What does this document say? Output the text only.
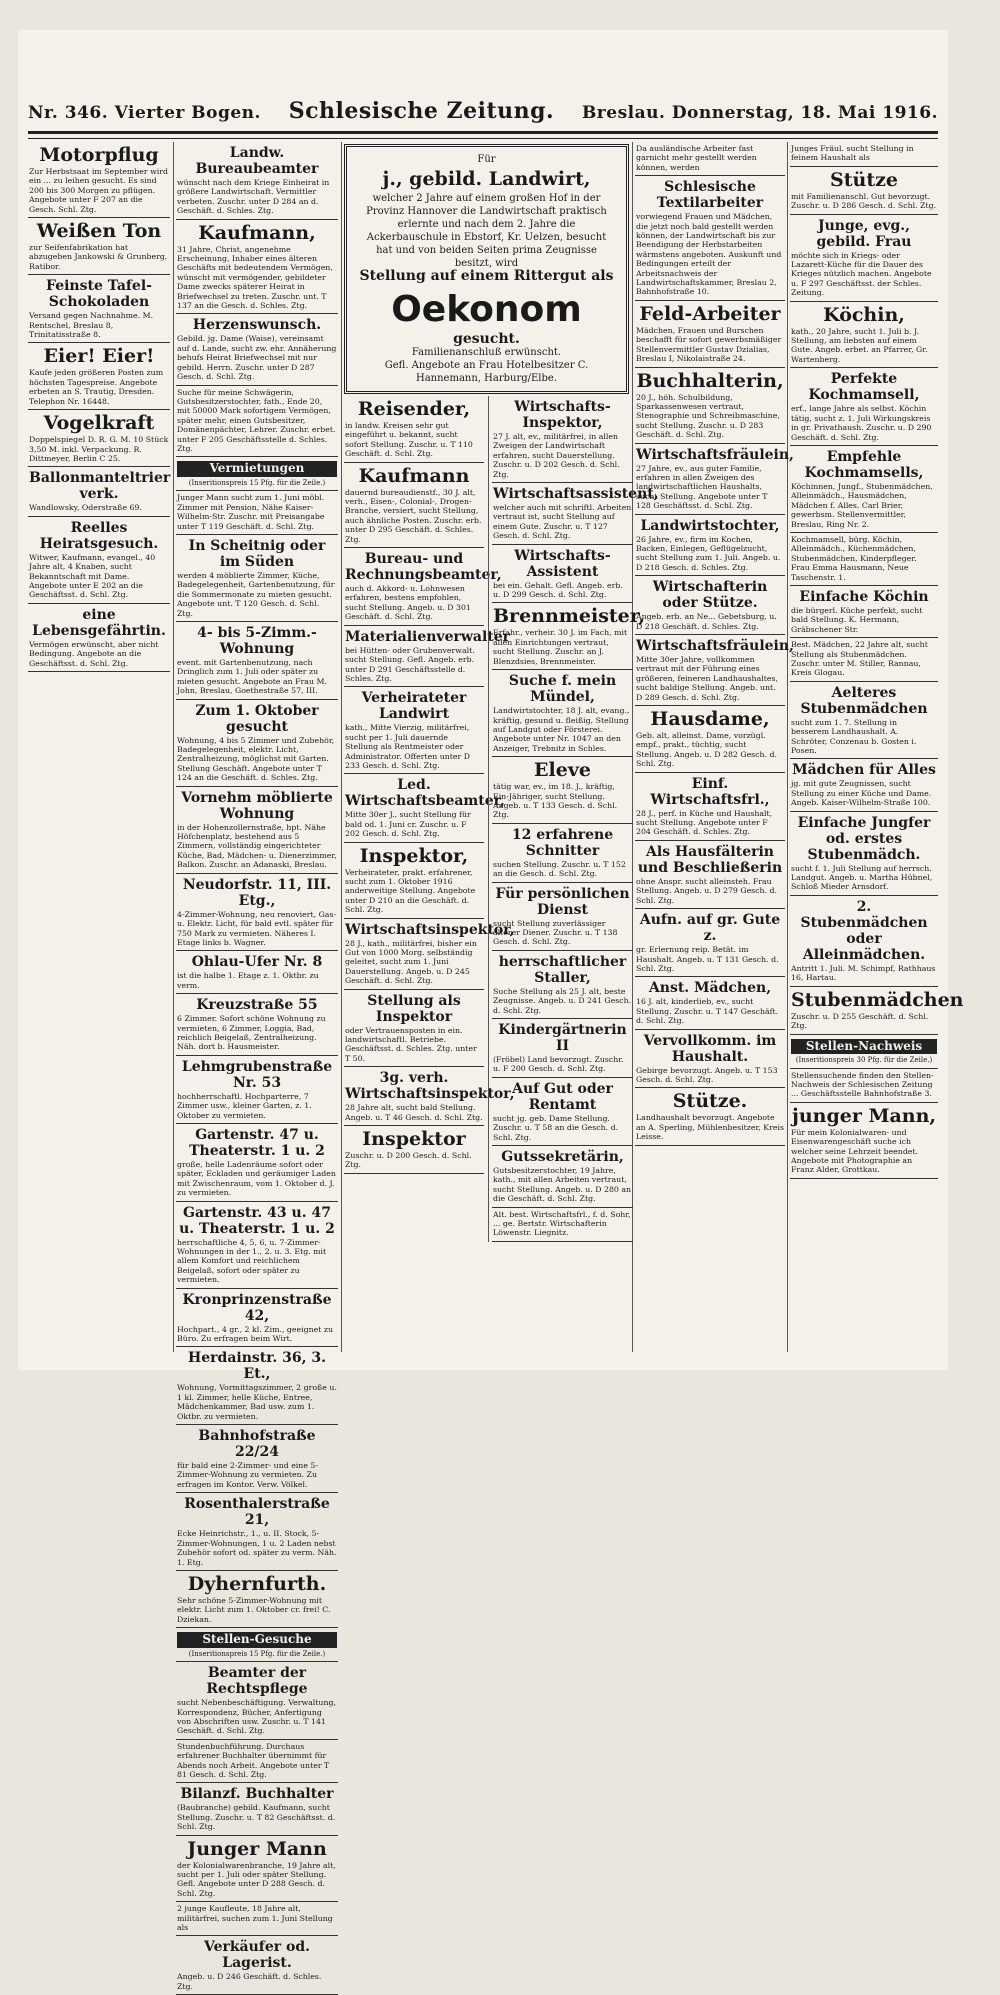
Nr. 346. Vierter Bogen. Schlesische Zeitung. Breslau. Donnerstag, 18. Mai 1916.
Motorpflug

Zur Herbstsaat im September wird ein ... zu leihen gesucht. Es sind 200 bis 300 Morgen zu pflügen. Angebote unter F 207 an die Gesch. Schl. Ztg.

Weißen Ton

zur Seifenfabrikation hat abzugeben Jankowski & Grunberg, Ratibor.

Feinste Tafel-Schokoladen

Versand gegen Nachnahme. M. Rentschel, Breslau 8, Trinitatisstraße 8.

Eier! Eier!

Kaufe jeden größeren Posten zum höchsten Tagespreise. Angebote erbeten an S. Trautig, Dresden. Telephon Nr. 16448.

Vogelkraft

Doppelspiegel D. R. G. M. 10 Stück 3,50 M. inkl. Verpackung. R. Dittmeyer, Berlin C 25.

Ballonmanteltrier verk.

Wandlowsky, Oderstraße 69.

Reelles Heiratsgesuch.

Witwer, Kaufmann, evangel., 40 Jahre alt, 4 Knaben, sucht Bekanntschaft mit Dame. Angebote unter E 202 an die Geschäftsst. d. Schl. Ztg.

eine Lebensgefährtin.

Vermögen erwünscht, aber nicht Bedingung. Angebote an die Geschäftsst. d. Schl. Ztg.

Landw. Bureaubeamter

wünscht nach dem Kriege Einheirat in größere Landwirtschaft. Vermittler verbeten. Zuschr. unter D 284 an d. Geschäft. d. Schles. Ztg.

Kaufmann,

31 Jahre, Christ, angenehme Erscheinung, Inhaber eines älteren Geschäfts mit bedeutendem Vermögen, wünscht mit vermögender, gebildeter Dame zwecks späterer Heirat in Briefwechsel zu treten. Zuschr. unt. T 137 an die Gesch. d. Schles. Ztg.

Herzenswunsch.

Gebild. jg. Dame (Waise), vereinsamt auf d. Lande, sucht zw. ehr. Annäherung behufs Heirat Briefwechsel mit nur gebild. Herrn. Zuschr. unter D 287 Gesch. d. Schl. Ztg.

Suche für meine Schwägerin, Gutsbesitzerstochter, fath., Ende 20, mit 50000 Mark sofortigem Vermögen, später mehr, einen Gutsbesitzer, Domänenpächter, Lehrer. Zuschr. erbet. unter F 205 Geschäftsstelle d. Schles. Ztg.

Vermietungen

(Inseritionspreis 15 Pfg. für die Zeile.)

Junger Mann sucht zum 1. Juni möbl. Zimmer mit Pension, Nähe Kaiser-Wilhelm-Str. Zuschr. mit Preisangabe unter T 119 Geschäft. d. Schl. Ztg.

In Scheitnig oder im Süden

werden 4 möblierte Zimmer, Küche, Badegelegenheit, Gartenbenutzung, für die Sommermonate zu mieten gesucht. Angebote unt. T 120 Gesch. d. Schl. Ztg.

4- bis 5-Zimm.-Wohnung

event. mit Gartenbenutzung, nach Dringlich zum 1. Juli oder später zu mieten gesucht. Angebote an Frau M. John, Breslau, Goethestraße 57, III.

Zum 1. Oktober gesucht

Wohnung, 4 bis 5 Zimmer und Zubehör, Badegelegenheit, elektr. Licht, Zentralheizung, möglichst mit Garten. Stellung Geschäft. Angebote unter T 124 an die Geschäft. d. Schles. Ztg.

Vornehm möblierte Wohnung

in der Hohenzollernstraße, hpt. Nähe Höfchenplatz, bestehend aus 5 Zimmern, vollständig eingerichteter Küche, Bad, Mädchen- u. Dienerzimmer, Balkon. Zuschr. an Adanaski, Breslau.

Neudorfstr. 11, III. Etg.,

4-Zimmer-Wohnung, neu renoviert, Gas- u. Elektr. Licht, für bald evtl. später für 750 Mark zu vermieten. Näheres I. Etage links b. Wagner.

Ohlau-Ufer Nr. 8

ist die halbe 1. Etage z. 1. Oktbr. zu verm.

Kreuzstraße 55

6 Zimmer. Sofort schöne Wohnung zu vermieten, 6 Zimmer, Loggia, Bad, reichlich Beigelaß, Zentralheizung. Näh. dort b. Hausmeister.

Lehmgrubenstraße Nr. 53

hochherrschaftl. Hochparterre, 7 Zimmer usw., kleiner Garten, z. 1. Oktober zu vermieten.

Gartenstr. 47 u. Theaterstr. 1 u. 2

große, helle Ladenräume sofort oder später, Eckladen und geräumiger Laden mit Zwischenraum, vom 1. Oktober d. J. zu vermieten.

Gartenstr. 43 u. 47 u. Theaterstr. 1 u. 2

herrschaftliche 4, 5, 6, u. 7-Zimmer-Wohnungen in der 1., 2. u. 3. Etg. mit allem Komfort und reichlichem Beigelaß, sofort oder später zu vermieten.

Kronprinzenstraße 42,

Hochpart., 4 gr., 2 kl. Zim., geeignet zu Büro. Zu erfragen beim Wirt.

Herdainstr. 36, 3. Et.,

Wohnung, Vormittagszimmer, 2 große u. 1 kl. Zimmer, helle Küche, Entree, Mädchenkammer, Bad usw. zum 1. Oktbr. zu vermieten.

Bahnhofstraße 22/24

für bald eine 2-Zimmer- und eine 5-Zimmer-Wohnung zu vermieten. Zu erfragen im Kontor. Verw. Völkel.

Rosenthalerstraße 21,

Ecke Heinrichstr., 1., u. II. Stock, 5-Zimmer-Wohnungen, 1 u. 2 Laden nebst Zubehör sofort od. später zu verm. Näh. 1. Etg.

Dyhernfurth.

Sehr schöne 5-Zimmer-Wohnung mit elektr. Licht zum 1. Oktober cr. frei! C. Dziekan.

Stellen-Gesuche

(Inseritionspreis 15 Pfg. für die Zeile.)

Beamter der Rechtspflege

sucht Nebenbeschäftigung. Verwaltung, Korrespondenz, Bücher, Anfertigung von Abschriften usw. Zuschr. u. T 141 Geschäft. d. Schl. Ztg.

Stundenbuchführung. Durchaus erfahrener Buchhalter übernimmt für Abends noch Arbeit. Angebote unter T 81 Gesch. d. Schl. Ztg.

Bilanzf. Buchhalter

(Baubranche) gebild. Kaufmann, sucht Stellung. Zuschr. u. T 82 Geschäftsst. d. Schl. Ztg.

Junger Mann

der Kolonialwarenbranche, 19 Jahre alt, sucht per 1. Juli oder später Stellung. Gefl. Angebote unter D 288 Gesch. d. Schl. Ztg.

2 junge Kaufleute, 18 Jahre alt, militärfrei, suchen zum 1. Juni Stellung als

Verkäufer od. Lagerist.

Angeb. u. D 246 Geschäft. d. Schles. Ztg.

Für
j., gebild. Landwirt,
welcher 2 Jahre auf einem großen Hof in der Provinz Hannover die Landwirtschaft praktisch erlernte und nach dem 2. Jahre die Ackerbauschule in Ebstorf, Kr. Uelzen, besucht hat und von beiden Seiten prima Zeugnisse besitzt, wird
Stellung auf einem Rittergut als
Oekonom
gesucht.
Familienanschluß erwünscht.
Gefl. Angebote an Frau Hotelbesitzer C. Hannemann, Harburg/Elbe.
Reisender,

in landw. Kreisen sehr gut eingeführt u. bekannt, sucht sofort Stellung. Zuschr. u. T 110 Geschäft. d. Schl. Ztg.

Kaufmann

dauernd bureaudienstf., 30 J. alt, verh., Eisen-, Colonial-, Drogen-Branche, versiert, sucht Stellung, auch ähnliche Posten. Zuschr. erb. unter D 295 Geschäft. d. Schles. Ztg.

Bureau- und Rechnungsbeamter,

auch d. Akkord- u. Lohnwesen erfahren, bestens empfohlen, sucht Stellung. Angeb. u. D 301 Geschäft. d. Schl. Ztg.

Materialienverwalter

bei Hütten- oder Grubenverwalt. sucht Stellung. Gefl. Angeb. erb. unter D 291 Geschäftsstelle d. Schles. Ztg.

Verheirateter Landwirt

kath., Mitte Vierzig, militärfrei, sucht per 1. Juli dauernde Stellung als Rentmeister oder Administrator. Offerten unter D 233 Gesch. d. Schl. Ztg.

Led. Wirtschaftsbeamter,

Mitte 30er J., sucht Stellung für bald od. 1. Juni cr. Zuschr. u. F 202 Gesch. d. Schl. Ztg.

Inspektor,

Verheirateter, prakt. erfahrener, sucht zum 1. Oktober 1916 anderweitige Stellung. Angebote unter D 210 an die Geschäft. d. Schl. Ztg.

Wirtschaftsinspektor,

28 J., kath., militärfrei, bisher ein Gut von 1000 Morg. selbständig geleitet, sucht zum 1. Juni Dauerstellung. Angeb. u. D 245 Geschäft. d. Schl. Ztg.

Stellung als Inspektor

oder Vertrauensposten in ein. landwirtschaftl. Betriebe. Geschäftsst. d. Schles. Ztg. unter T 50.

3g. verh. Wirtschaftsinspektor,

28 Jahre alt, sucht bald Stellung. Angeb. u. T 46 Gesch. d. Schl. Ztg.

Inspektor

Zuschr. u. D 200 Gesch. d. Schl. Ztg.

Wirtschafts-Inspektor,

27 J. alt, ev., militärfrei, in allen Zweigen der Landwirtschaft erfahren, sucht Dauerstellung. Zuschr. u. D 202 Gesch. d. Schl. Ztg.

Wirtschaftsassistent,

welcher auch mit schriftl. Arbeiten vertraut ist, sucht Stellung auf einem Gute. Zuschr. u. T 127 Gesch. d. Schl. Ztg.

Wirtschafts-Assistent

bei ein. Gehalt. Gefl. Angeb. erb. u. D 299 Gesch. d. Schl. Ztg.

Brennmeister,

Erfahr., verheir. 30 J. im Fach, mit allen Einrichtungen vertraut, sucht Stellung. Zuschr. an J. Blenzdsies, Brennmeister.

Suche f. mein Mündel,

Landwirtstochter, 18 J. alt, evang., kräftig, gesund u. fleißig, Stellung auf Landgut oder Försterei. Angebote unter Nr. 1047 an den Anzeiger, Trebnitz in Schles.

Eleve

tätig war, ev., im 18. J., kräftig, Ein-Jähriger, sucht Stellung. Angeb. u. T 133 Gesch. d. Schl. Ztg.

12 erfahrene Schnitter

suchen Stellung. Zuschr. u. T 152 an die Gesch. d. Schl. Ztg.

Für persönlichen Dienst

sucht Stellung zuverlässiger älterer Diener. Zuschr. u. T 138 Gesch. d. Schl. Ztg.

herrschaftlicher Staller,

Suche Stellung als 25 J. alt, beste Zeugnisse. Angeb. u. D 241 Gesch. d. Schl. Ztg.

Kindergärtnerin II

(Fröbel) Land bevorzugt. Zuschr. u. F 200 Gesch. d. Schl. Ztg.

Auf Gut oder Rentamt

sucht jg. geb. Dame Stellung. Zuschr. u. T 58 an die Gesch. d. Schl. Ztg.

Gutssekretärin,

Gutsbesitzerstochter, 19 Jahre, kath., mit allen Arbeiten vertraut, sucht Stellung. Angeb. u. D 280 an die Geschäft. d. Schl. Ztg.

Alt. best. Wirtschaftsfrl., f. d. Sohr, ... ge. Bertstr. Wirtschafterin Löwenstr. Liegnitz.

Da ausländische Arbeiter fast garnicht mehr gestellt werden können, werden

Schlesische Textilarbeiter

vorwiegend Frauen und Mädchen, die jetzt noch bald gestellt werden können, der Landwirtschaft bis zur Beendigung der Herbstarbeiten wärmstens angeboten. Auskunft und Bedingungen erteilt der Arbeitsnachweis der Landwirtschaftskammer, Breslau 2, Bahnhofstraße 10.

Feld-Arbeiter

Mädchen, Frauen und Burschen beschafft für sofort gewerbsmäßiger Stellenvermittler Gustav Dzialias, Breslau I, Nikolaistraße 24.

Buchhalterin,

20 J., höh. Schulbildung, Sparkassenwesen vertraut, Stenographie und Schreibmaschine, sucht Stellung. Zuschr. u. D 283 Geschäft. d. Schl. Ztg.

Wirtschaftsfräulein,

27 Jahre, ev., aus guter Familie, erfahren in allen Zweigen des landwirtschaftlichen Haushalts, sucht Stellung. Angebote unter T 128 Geschäftsst. d. Schl. Ztg.

Landwirtstochter,

26 Jahre, ev., firm im Kochen, Backen, Einlegen, Geflügelzucht, sucht Stellung zum 1. Juli. Angeb. u. D 218 Gesch. d. Schles. Ztg.

Wirtschafterin oder Stütze.

Angeb. erb. an Ne... Gebetsburg, u. D 218 Geschäft. d. Schles. Ztg.

Wirtschaftsfräulein,

Mitte 30er Jahre, vollkommen vertraut mit der Führung eines größeren, feineren Landhaushaltes, sucht baldige Stellung. Angeb. unt. D 289 Gesch. d. Schl. Ztg.

Hausdame,

Geb. alt, alleinst. Dame, vorzügl. empf., prakt., tüchtig, sucht Stellung. Angeb. u. D 282 Gesch. d. Schl. Ztg.

Einf. Wirtschaftsfrl.,

28 J., perf. in Küche und Haushalt, sucht Stellung. Angebote unter F 204 Geschäft. d. Schles. Ztg.

Als Hausfälterin und Beschließerin

ohne Anspr. sucht alleinsteh. Frau Stellung. Angeb. u. D 279 Gesch. d. Schl. Ztg.

Aufn. auf gr. Gute z.

gr. Erlernung reip. Betät. im Haushalt. Angeb. u. T 131 Gesch. d. Schl. Ztg.

Anst. Mädchen,

16 J. alt, kinderlieb, ev., sucht Stellung. Zuschr. u. T 147 Geschäft. d. Schl. Ztg.

Vervollkomm. im Haushalt.

Gebirge bevorzugt. Angeb. u. T 153 Gesch. d. Schl. Ztg.

Stütze.

Landhaushalt bevorzugt. Angebote an A. Sperling, Mühlenbesitzer, Kreis Leisse.

Junges Fräul. sucht Stellung in feinem Haushalt als

Stütze

mit Familienanschl. Gut bevorzugt. Zuschr. u. D 286 Gesch. d. Schl. Ztg.

Junge, evg., gebild. Frau

möchte sich in Kriegs- oder Lazarett-Küche für die Dauer des Krieges nützlich machen. Angebote u. F 297 Geschäftsst. der Schles. Zeitung.

Köchin,

kath., 20 Jahre, sucht 1. Juli b. J. Stellung, am liebsten auf einem Gute. Angeb. erbet. an Pfarrer, Gr. Wartenberg.

Perfekte Kochmamsell,

erf., lange Jahre als selbst. Köchin tätig, sucht z. 1. Juli Wirkungskreis in gr. Privathaush. Zuschr. u. D 290 Geschäft. d. Schl. Ztg.

Empfehle Kochmamsells,

Köchinnen, Jungf., Stubenmädchen, Alleinmädch., Hausmädchen, Mädchen f. Alles. Carl Brier, gewerbsm. Stellenvermittler, Breslau, Ring Nr. 2.

Kochmamsell, bürg. Köchin, Alleinmädch., Küchenmädchen, Stubenmädchen, Kinderpfleger. Frau Emma Hausmann, Neue Taschenstr. 1.

Einfache Köchin

die bürgerl. Küche perfekt, sucht bald Stellung. K. Hermann, Gräbschener Str.

Best. Mädchen, 22 Jahre alt, sucht Stellung als Stubenmädchen. Zuschr. unter M. Stiller, Rannau, Kreis Glogau.

Aelteres Stubenmädchen

sucht zum 1. 7. Stellung in besserem Landhaushalt. A. Schröter, Conzenau b. Gosten i. Posen.

Mädchen für Alles

jg. mit gute Zeugnissen, sucht Stellung zu einer Küche und Dame. Angeb. Kaiser-Wilhelm-Straße 100.

Einfache Jungfer od. erstes Stubenmädch.

sucht f. 1. Juli Stellung auf herrsch. Landgut. Angeb. u. Martha Hübnel, Schloß Mieder Arnsdorf.

2. Stubenmädchen oder Alleinmädchen.

Antritt 1. Juli. M. Schimpf, Rathhaus 16, Hartau.

Stubenmädchen

Zuschr. u. D 255 Geschäft. d. Schl. Ztg.

Stellen-Nachweis

(Inseritionspreis 30 Pfg. für die Zeile.)

Stellensuchende finden den Stellen-Nachweis der Schlesischen Zeitung ... Geschäftsstelle Bahnhofstraße 3.

junger Mann,

Für mein Kolonialwaren- und Eisenwarengeschäft suche ich welcher seine Lehrzeit beendet. Angebote mit Photographie an Franz Alder, Grottkau.
